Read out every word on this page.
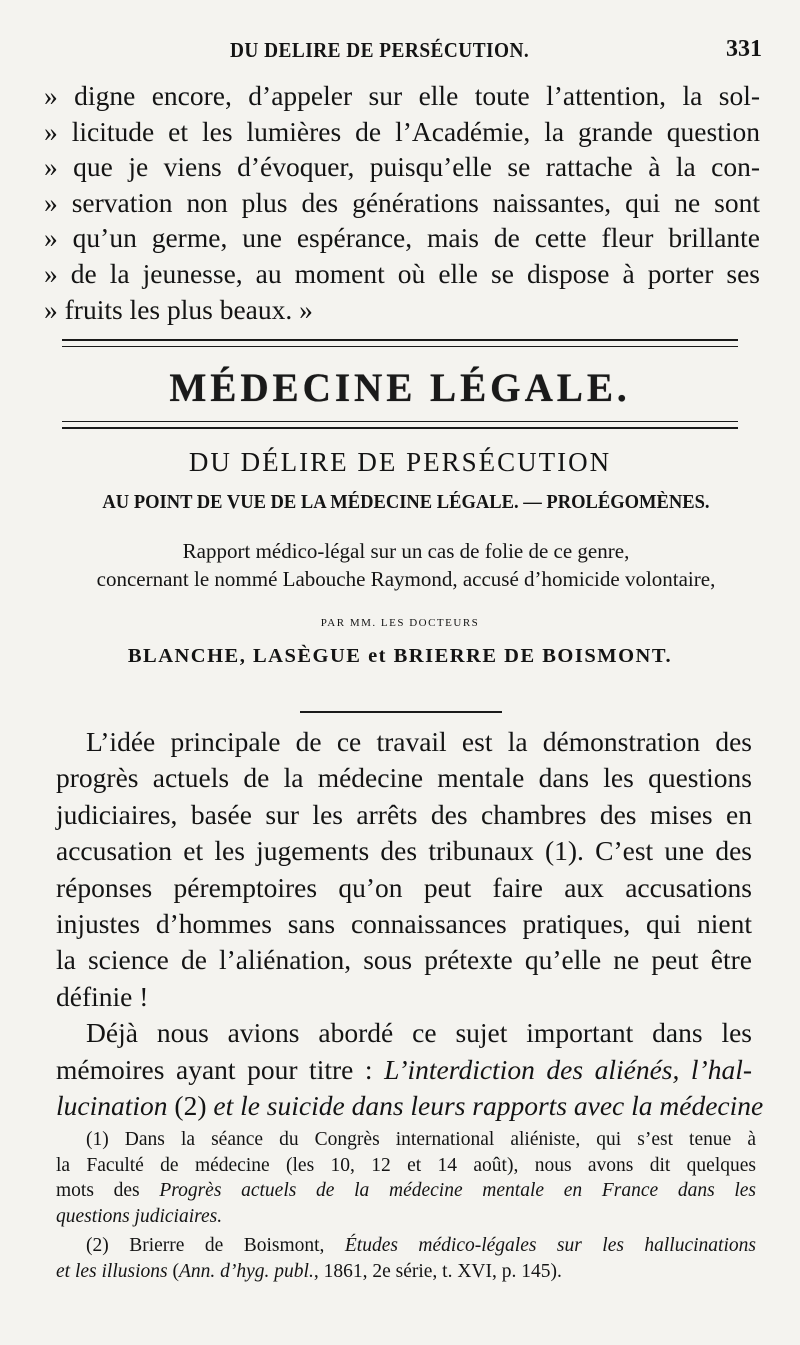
DU DELIRE DE PERSÉCUTION.	331
» digne encore, d’appeler sur elle toute l’attention, la sol-
» licitude et les lumières de l’Académie, la grande question
» que je viens d’évoquer, puisqu’elle se rattache à la con-
» servation non plus des générations naissantes, qui ne sont
» qu’un germe, une espérance, mais de cette fleur brillante
» de la jeunesse, au moment où elle se dispose à porter ses
» fruits les plus beaux. »
MÉDECINE LÉGALE.
DU DÉLIRE DE PERSÉCUTION
AU POINT DE VUE DE LA MÉDECINE LÉGALE. — PROLÉGOMÈNES.
Rapport médico-légal sur un cas de folie de ce genre,
concernant le nommé Labouche Raymond, accusé d’homicide volontaire,
PAR MM. LES DOCTEURS
BLANCHE, LASÈGUE et BRIERRE DE BOISMONT.
L’idée principale de ce travail est la démonstration des
progrès actuels de la médecine mentale dans les questions
judiciaires, basée sur les arrêts des chambres des mises en
accusation et les jugements des tribunaux (1). C’est une des
réponses péremptoires qu’on peut faire aux accusations
injustes d’hommes sans connaissances pratiques, qui nient
la science de l’aliénation, sous prétexte qu’elle ne peut être
définie !
Déjà nous avions abordé ce sujet important dans les
mémoires ayant pour titre : L’interdiction des aliénés, l’hal-
lucination (2) et le suicide dans leurs rapports avec la médecine
(1) Dans la séance du Congrès international aliéniste, qui s’est tenue à
la Faculté de médecine (les 10, 12 et 14 août), nous avons dit quelques
mots des Progrès actuels de la médecine mentale en France dans les
questions judiciaires.
(2) Brierre de Boismont, Études médico-légales sur les hallucinations
et les illusions (Ann. d’hyg. publ., 1861, 2e série, t. XVI, p. 145).
